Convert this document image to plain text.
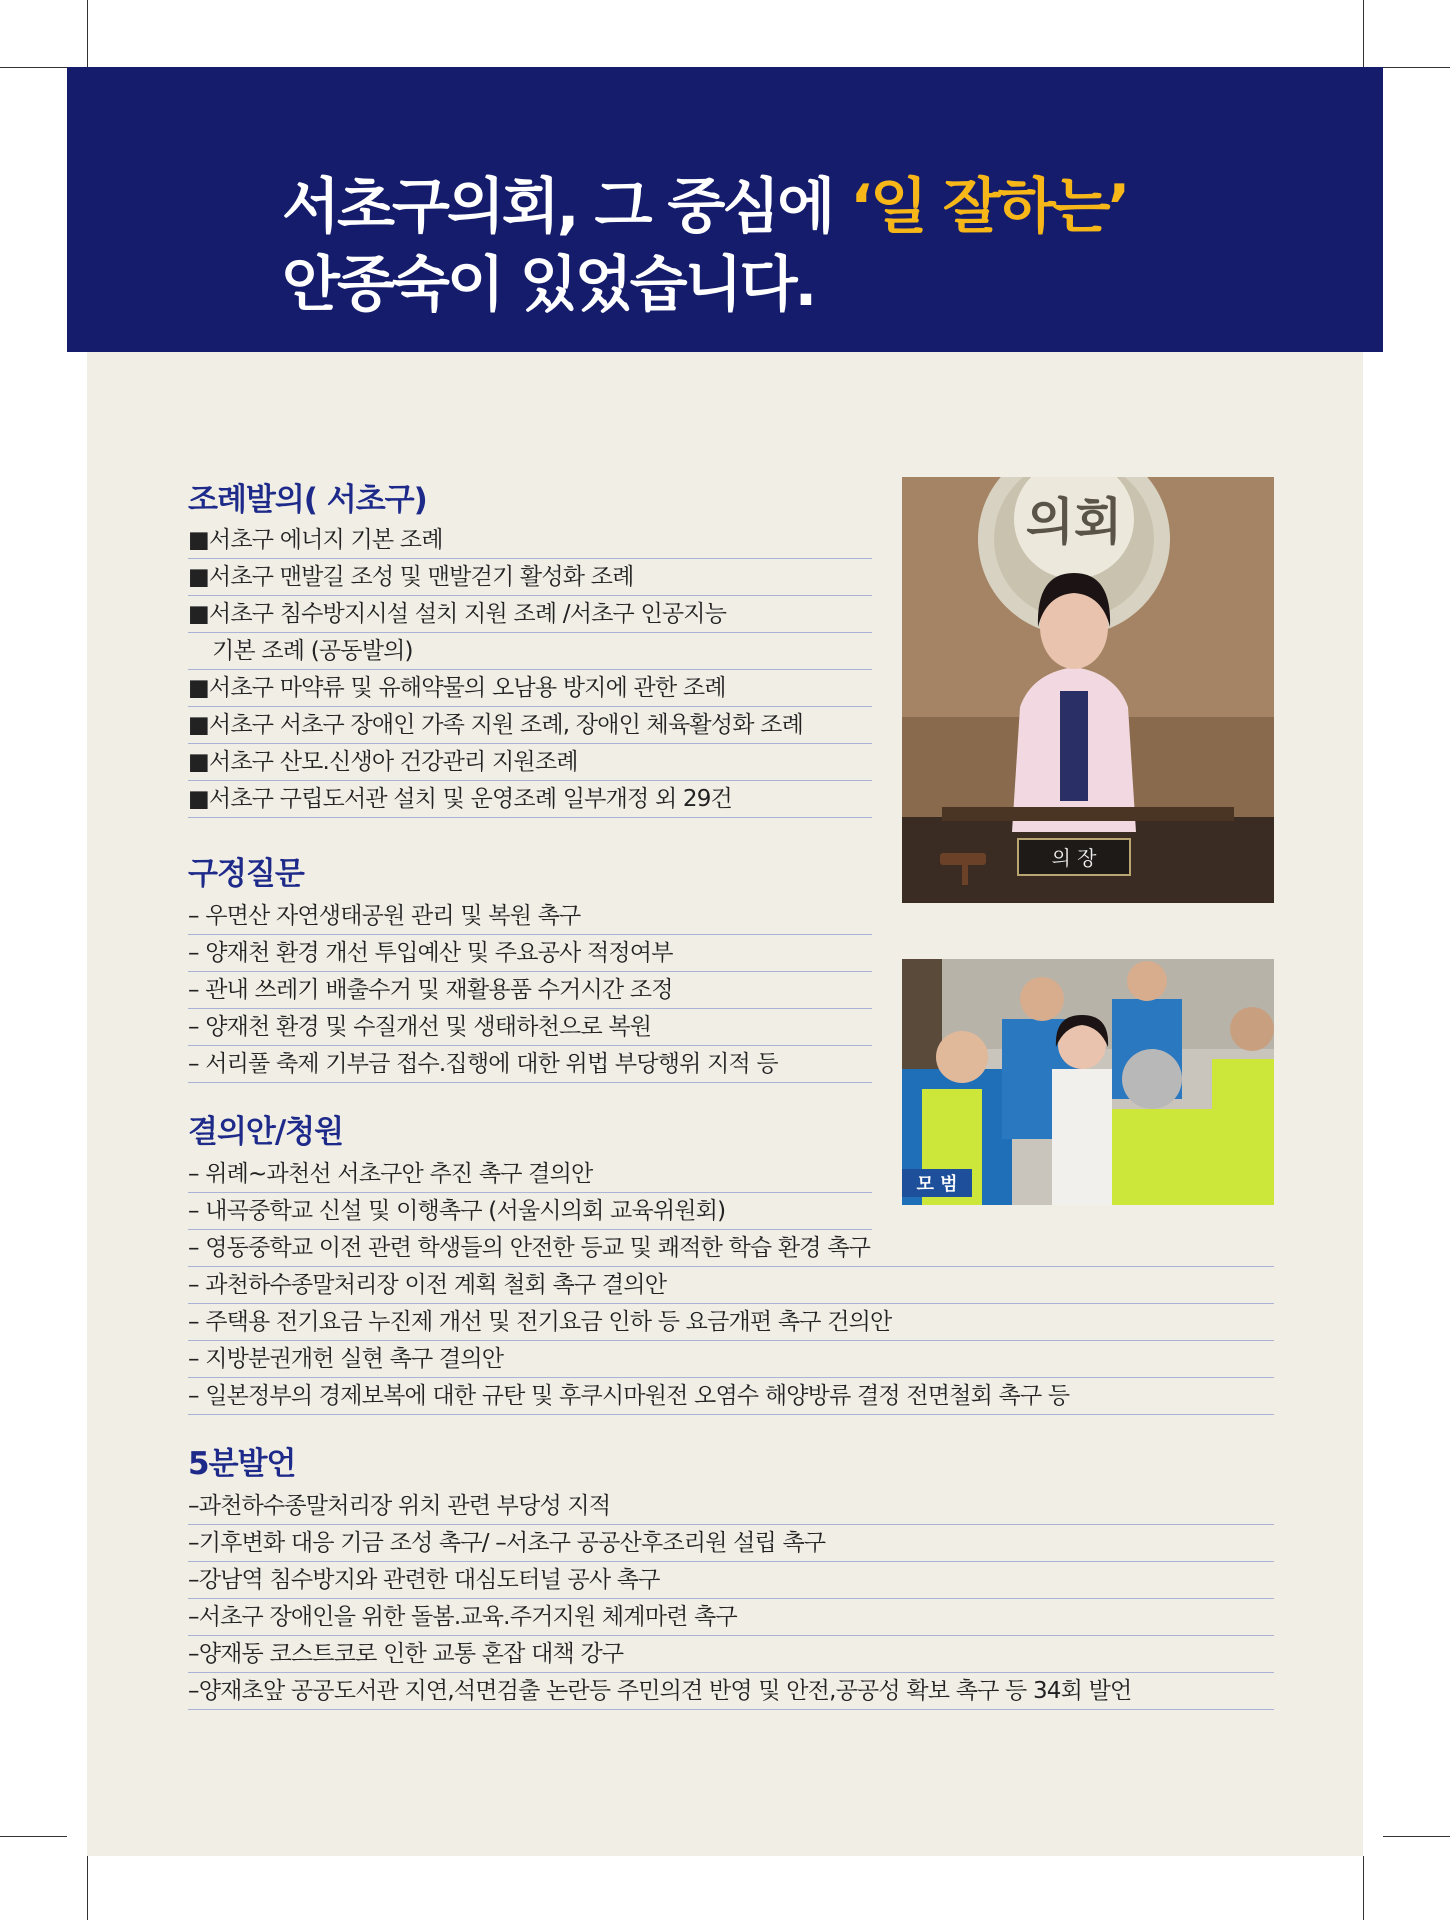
서초구의회, 그 중심에 ‘일 잘하는’
안종숙이 있었습니다.
조례발의( 서초구)
■서초구 에너지 기본 조례
■서초구 맨발길 조성 및 맨발걷기 활성화 조례
■서초구 침수방지시설 설치 지원 조례 /서초구 인공지능
기본 조례 (공동발의)
■서초구 마약류 및 유해약물의 오남용 방지에 관한 조례
■서초구 서초구 장애인 가족 지원 조례, 장애인 체육활성화 조례
■서초구 산모.신생아 건강관리 지원조례
■서초구 구립도서관 설치 및 운영조례 일부개정 외 29건
구정질문
– 우면산 자연생태공원 관리 및 복원 촉구
– 양재천 환경 개선 투입예산 및 주요공사 적정여부
– 관내 쓰레기 배출수거 및 재활용품 수거시간 조정
– 양재천 환경 및 수질개선 및 생태하천으로 복원
– 서리풀 축제 기부금 접수.집행에 대한 위법 부당행위 지적 등
결의안/청원
– 위례~과천선 서초구안 추진 촉구 결의안
– 내곡중학교 신설 및 이행촉구 (서울시의회 교육위원회)
– 영동중학교 이전 관련 학생들의 안전한 등교 및 쾌적한 학습 환경 촉구
– 과천하수종말처리장 이전 계획 철회 촉구 결의안
– 주택용 전기요금 누진제 개선 및 전기요금 인하 등 요금개편 촉구 건의안
– 지방분권개헌 실현 촉구 결의안
– 일본정부의 경제보복에 대한 규탄 및 후쿠시마원전 오염수 해양방류 결정 전면철회 촉구 등
5분발언
–과천하수종말처리장 위치 관련 부당성 지적
–기후변화 대응 기금 조성 촉구/ –서초구 공공산후조리원 설립 촉구
–강남역 침수방지와 관련한 대심도터널 공사 촉구
–서초구 장애인을 위한 돌봄.교육.주거지원 체계마련 촉구
–양재동 코스트코로 인한 교통 혼잡 대책 강구
–양재초앞 공공도서관 지연,석면검출 논란등 주민의견 반영 및 안전,공공성 확보 촉구 등 34회 발언
의회
의 장
모 범
